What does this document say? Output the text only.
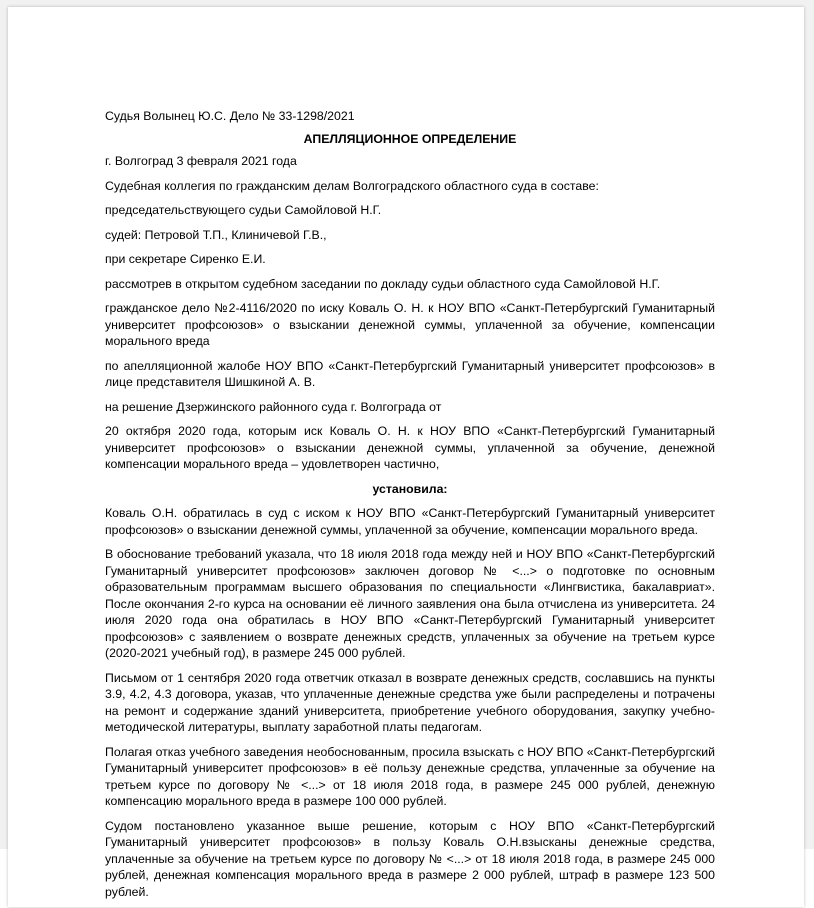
Судья Волынец Ю.С. Дело № 33-1298/2021

АПЕЛЛЯЦИОННОЕ ОПРЕДЕЛЕНИЕ

г. Волгоград 3 февраля 2021 года

Судебная коллегия по гражданским делам Волгоградского областного суда в составе:

председательствующего судьи Самойловой Н.Г.

судей: Петровой Т.П., Клиничевой Г.В.,

при секретаре Сиренко Е.И.

рассмотрев в открытом судебном заседании по докладу судьи областного суда Самойловой Н.Г.

гражданское дело №2-4116/2020 по иску Коваль О. Н. к НОУ ВПО «Санкт-Петербургский Гуманитарный университет профсоюзов» о взыскании денежной суммы, уплаченной за обучение, компенсации морального вреда

по апелляционной жалобе НОУ ВПО «Санкт-Петербургский Гуманитарный университет профсоюзов» в лице представителя Шишкиной А. В.

на решение Дзержинского районного суда г. Волгограда от

20 октября 2020 года, которым иск Коваль О. Н. к НОУ ВПО «Санкт-Петербургский Гуманитарный университет профсоюзов» о взыскании денежной суммы, уплаченной за обучение, денежной компенсации морального вреда – удовлетворен частично,

установила:

Коваль О.Н. обратилась в суд с иском к НОУ ВПО «Санкт-Петербургский Гуманитарный университет профсоюзов» о взыскании денежной суммы, уплаченной за обучение, компенсации морального вреда.

В обоснование требований указала, что 18 июля 2018 года между ней и НОУ ВПО «Санкт-Петербургский Гуманитарный университет профсоюзов» заключен договор № <...> о подготовке по основным образовательным программам высшего образования по специальности «Лингвистика, бакалавриат». После окончания 2-го курса на основании её личного заявления она была отчислена из университета. 24 июля 2020 года она обратилась в НОУ ВПО «Санкт-Петербургский Гуманитарный университет профсоюзов» с заявлением о возврате денежных средств, уплаченных за обучение на третьем курсе (2020-2021 учебный год), в размере 245 000 рублей.

Письмом от 1 сентября 2020 года ответчик отказал в возврате денежных средств, сославшись на пункты 3.9, 4.2, 4.3 договора, указав, что уплаченные денежные средства уже были распределены и потрачены на ремонт и содержание зданий университета, приобретение учебного оборудования, закупку учебно-методической литературы, выплату заработной платы педагогам.

Полагая отказ учебного заведения необоснованным, просила взыскать с НОУ ВПО «Санкт-Петербургский Гуманитарный университет профсоюзов» в её пользу денежные средства, уплаченные за обучение на третьем курсе по договору № <...> от 18 июля 2018 года, в размере 245 000 рублей, денежную компенсацию морального вреда в размере 100 000 рублей.

Судом постановлено указанное выше решение, которым с НОУ ВПО «Санкт-Петербургский Гуманитарный университет профсоюзов» в пользу Коваль О.Н.взысканы денежные средства, уплаченные за обучение на третьем курсе по договору № <...> от 18 июля 2018 года, в размере 245 000 рублей, денежная компенсация морального вреда в размере 2 000 рублей, штраф в размере 123 500 рублей.
